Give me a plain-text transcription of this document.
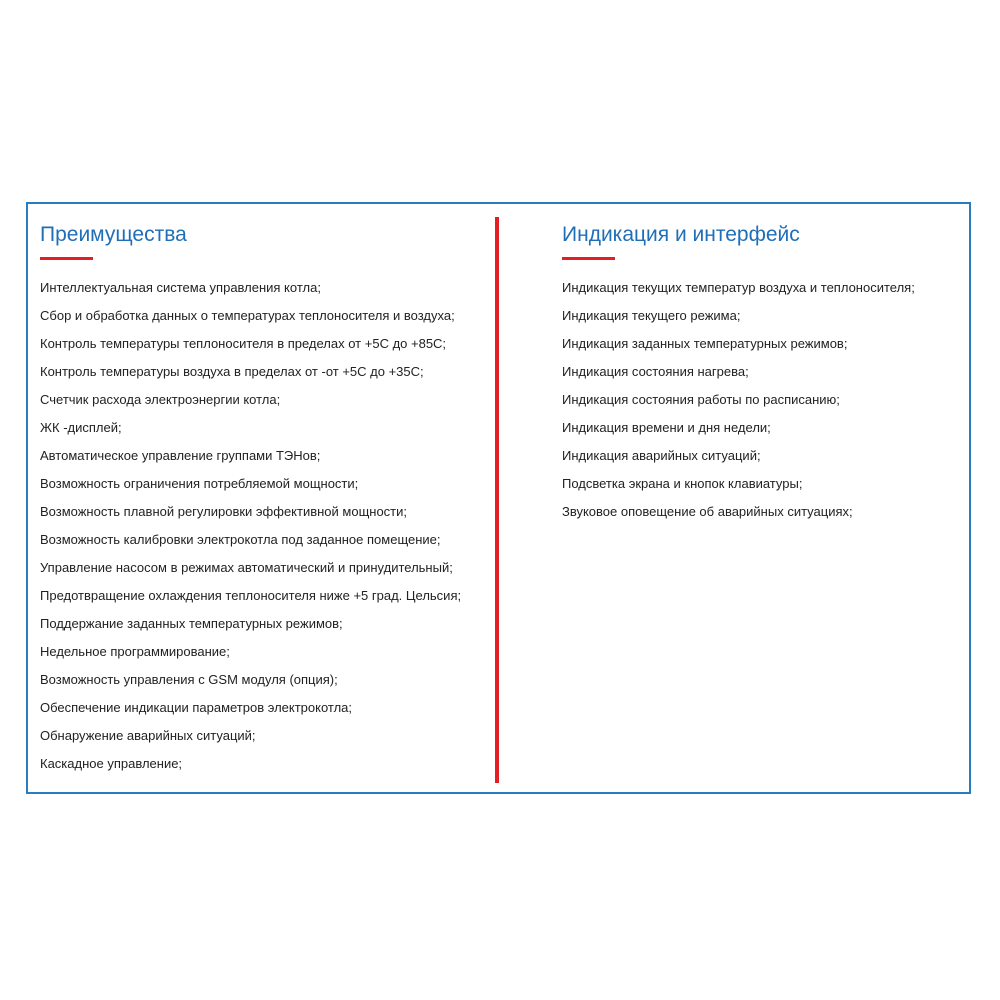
Преимущества
Интеллектуальная система управления котла;
Сбор и обработка данных о температурах теплоносителя и воздуха;
Контроль температуры теплоносителя в пределах от +5С до +85С;
Контроль температуры воздуха в пределах от -от +5С до +35С;
Счетчик расхода электроэнергии котла;
ЖК -дисплей;
Автоматическое управление группами ТЭНов;
Возможность ограничения потребляемой мощности;
Возможность плавной регулировки эффективной мощности;
Возможность калибровки электрокотла под заданное помещение;
Управление насосом в режимах автоматический и принудительный;
Предотвращение охлаждения теплоносителя ниже +5 град. Цельсия;
Поддержание заданных температурных режимов;
Недельное программирование;
Возможность управления с GSM модуля (опция);
Обеспечение индикации параметров электрокотла;
Обнаружение аварийных ситуаций;
Каскадное управление;
Индикация и интерфейс
Индикация текущих температур воздуха и теплоносителя;
Индикация текущего режима;
Индикация заданных температурных режимов;
Индикация состояния нагрева;
Индикация состояния работы по расписанию;
Индикация времени и дня недели;
Индикация аварийных ситуаций;
Подсветка экрана и кнопок клавиатуры;
Звуковое оповещение об аварийных ситуациях;
